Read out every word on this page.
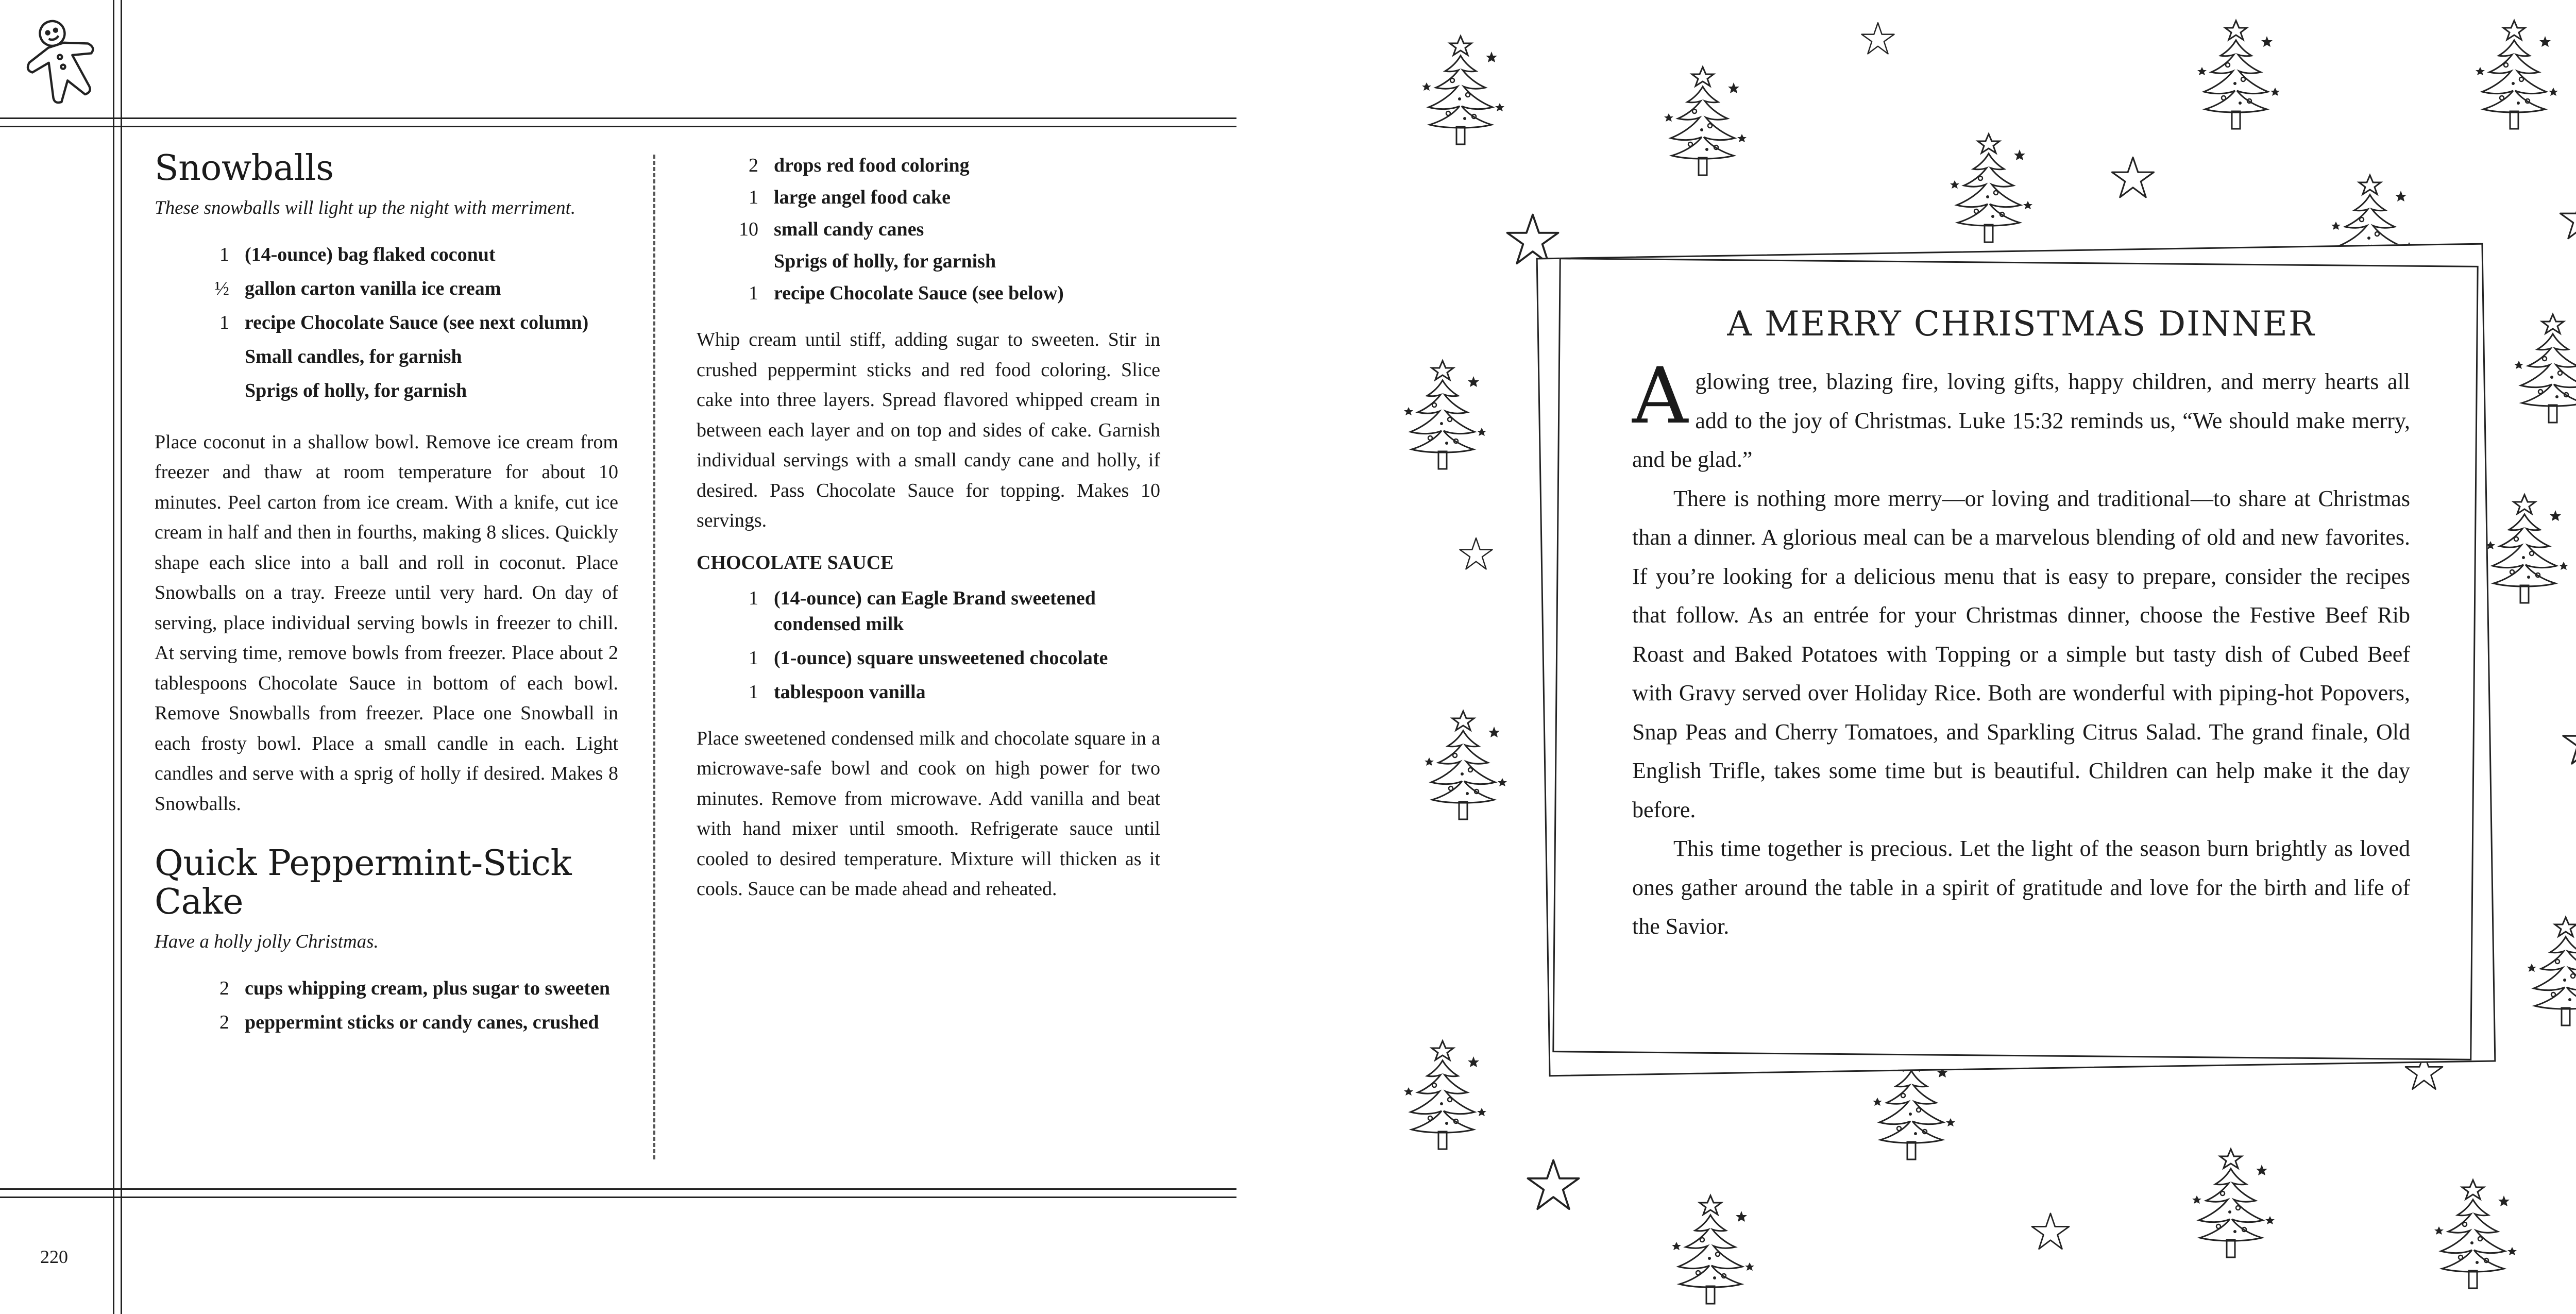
Snowballs

These snowballs will light up the night with merriment.

1 (14-ounce) bag flaked coconut
½ gallon carton vanilla ice cream
1 recipe Chocolate Sauce (see next column)
Small candles, for garnish
Sprigs of holly, for garnish

Place coconut in a shallow bowl. Remove ice cream from freezer and thaw at room temperature for about 10 minutes. Peel carton from ice cream. With a knife, cut ice cream in half and then in fourths, making 8 slices. Quickly shape each slice into a ball and roll in coconut. Place Snowballs on a tray. Freeze until very hard. On day of serving, place individual serving bowls in freezer to chill. At serving time, remove bowls from freezer. Place about 2 tablespoons Chocolate Sauce in bottom of each bowl. Remove Snowballs from freezer. Place one Snowball in each frosty bowl. Place a small candle in each. Light candles and serve with a sprig of holly if desired. Makes 8 Snowballs.

Quick Peppermint-Stick Cake

Have a holly jolly Christmas.

2 cups whipping cream, plus sugar to sweeten
2 peppermint sticks or candy canes, crushed
2 drops red food coloring
1 large angel food cake
10 small candy canes
Sprigs of holly, for garnish
1 recipe Chocolate Sauce (see below)

Whip cream until stiff, adding sugar to sweeten. Stir in crushed peppermint sticks and red food coloring. Slice cake into three layers. Spread flavored whipped cream in between each layer and on top and sides of cake. Garnish individual servings with a small candy cane and holly, if desired. Pass Chocolate Sauce for topping. Makes 10 servings.

CHOCOLATE SAUCE

1 (14-ounce) can Eagle Brand sweetened condensed milk
1 (1-ounce) square unsweetened chocolate
1 tablespoon vanilla

Place sweetened condensed milk and chocolate square in a microwave-safe bowl and cook on high power for two minutes. Remove from microwave. Add vanilla and beat with hand mixer until smooth. Refrigerate sauce until cooled to desired temperature. Mixture will thicken as it cools. Sauce can be made ahead and reheated.

220
A MERRY CHRISTMAS DINNER

Aglowing tree, blazing fire, loving gifts, happy children, and merry hearts all add to the joy of Christmas. Luke 15:32 reminds us, “We should make merry, and be glad.”

There is nothing more merry—or loving and traditional—to share at Christmas than a dinner. A glorious meal can be a marvelous blending of old and new favorites. If you’re looking for a delicious menu that is easy to prepare, consider the recipes that follow. As an entrée for your Christmas dinner, choose the Festive Beef Rib Roast and Baked Potatoes with Topping or a simple but tasty dish of Cubed Beef with Gravy served over Holiday Rice. Both are wonderful with piping-hot Popovers, Snap Peas and Cherry Tomatoes, and Sparkling Citrus Salad. The grand finale, Old English Trifle, takes some time but is beautiful. Children can help make it the day before.

This time together is precious. Let the light of the season burn brightly as loved ones gather around the table in a spirit of gratitude and love for the birth and life of the Savior.
